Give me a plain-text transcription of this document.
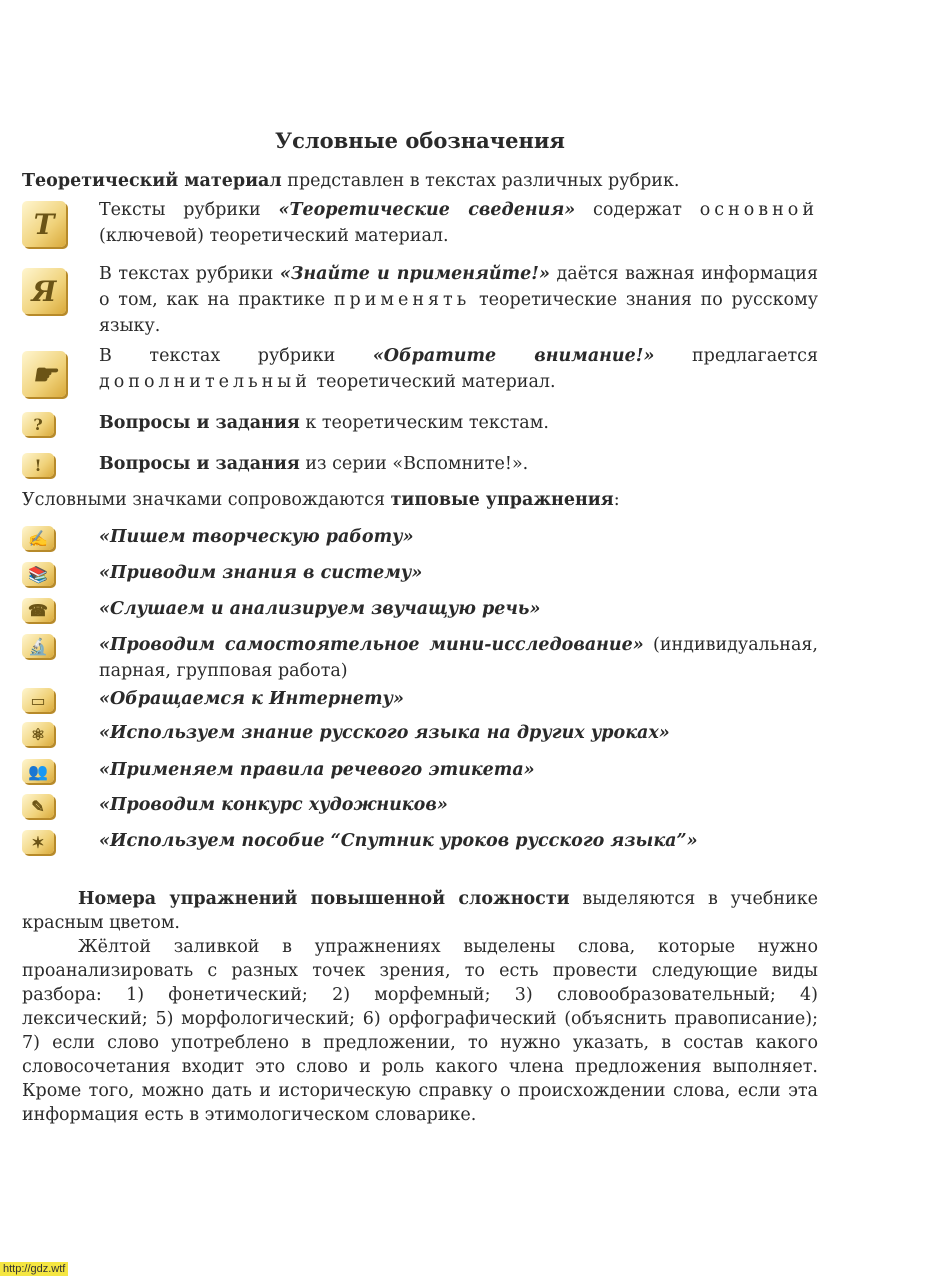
Условные обозначения
Теоретический материал представлен в текстах различных рубрик.
T	Тексты рубрики «Теоретические сведения» содержат основной (ключевой) теоретический материал.
Я
В текстах рубрики «Знайте и применяйте!» даётся важная информация о том, как на практике применять теоретические знания по русскому языку.
☛
В текстах рубрики «Обратите внимание!» предлагается дополнительный теоретический материал.
?	Вопросы и задания к теоретическим текстам.
!	Вопросы и задания из серии «Вспомните!».
Условными значками сопровождаются типовые упражнения:
✍	«Пишем творческую работу»
📚	«Приводим знания в систему»
☎	«Слушаем и анализируем звучащую речь»
🔬	«Проводим самостоятельное мини-исследование» (индивидуальная, парная, групповая работа)
▭	«Обращаемся к Интернету»
⚛	«Используем знание русского языка на других уроках»
👥	«Применяем правила речевого этикета»
✎	«Проводим конкурс художников»
✶	«Используем пособие “Спутник уроков русского языка”»
Номера упражнений повышенной сложности выделяются в учебнике красным цветом.
Жёлтой заливкой в упражнениях выделены слова, которые нужно проанализировать с разных точек зрения, то есть провести следующие виды разбора: 1) фонетический; 2) морфемный; 3) словообразовательный; 4) лексический; 5) морфологический; 6) орфографический (объяснить правописание); 7) если слово употреблено в предложении, то нужно указать, в состав какого словосочетания входит это слово и роль какого члена предложения выполняет. Кроме того, можно дать и историческую справку о происхождении слова, если эта информация есть в этимологическом словарике.
http://gdz.wtf
